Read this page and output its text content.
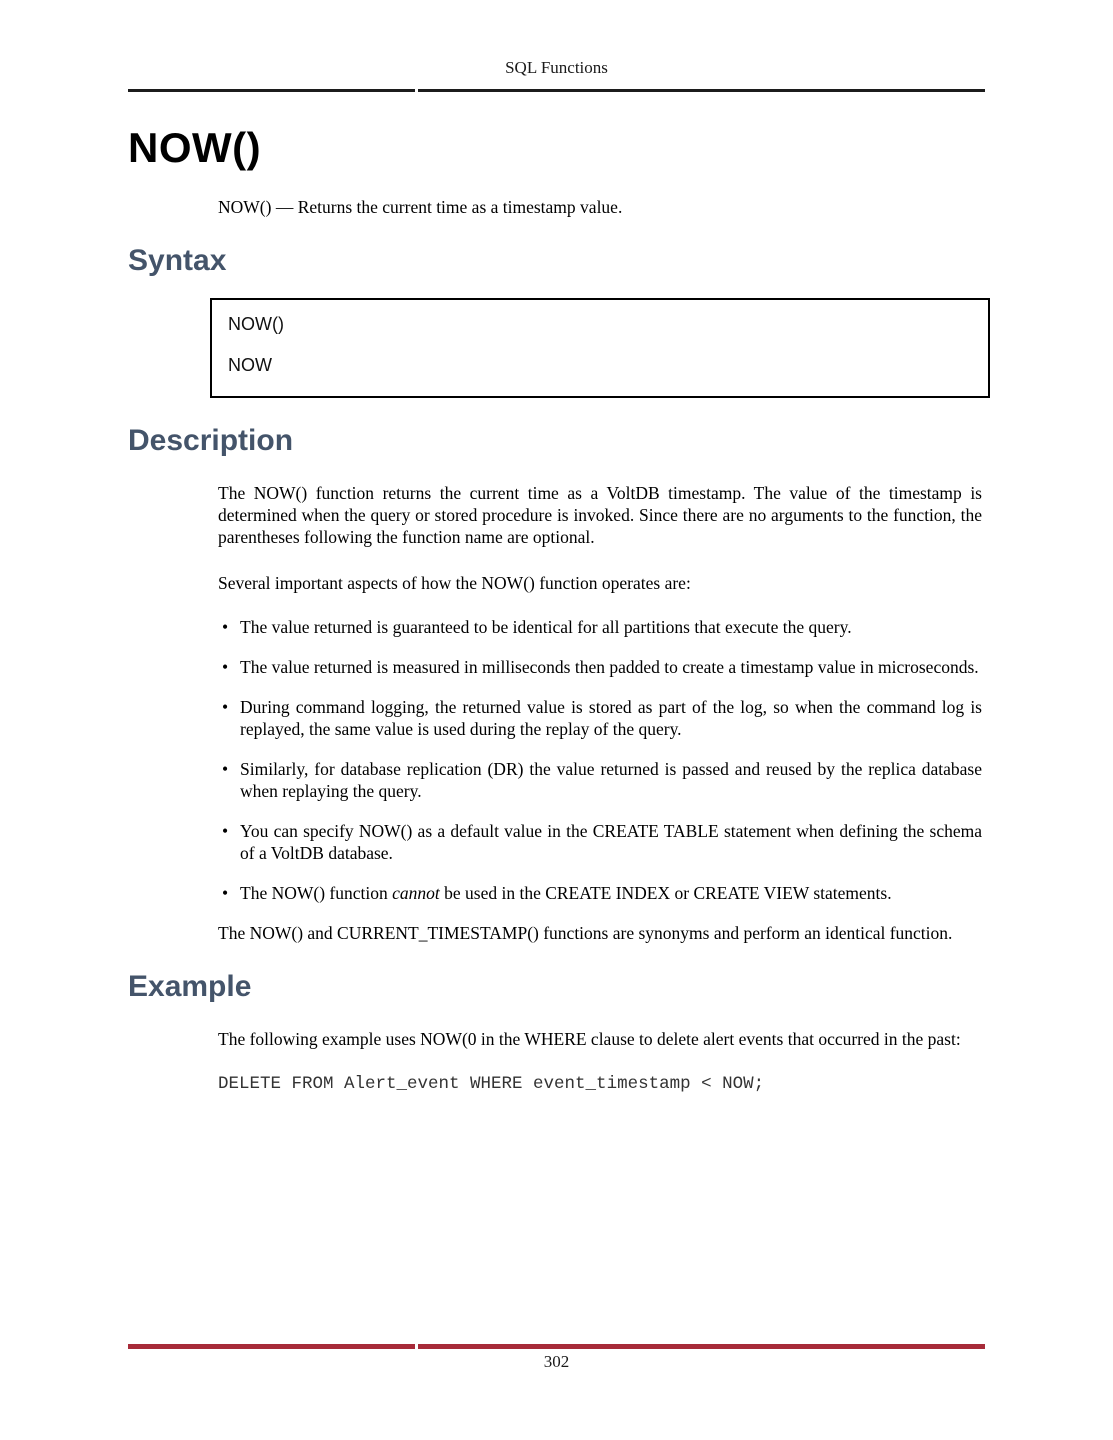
SQL Functions
NOW()

NOW() — Returns the current time as a timestamp value.

Syntax
NOW()
NOW
Description

The NOW() function returns the current time as a VoltDB timestamp. The value of the timestamp is determined when the query or stored procedure is invoked. Since there are no arguments to the function, the parentheses following the function name are optional.

Several important aspects of how the NOW() function operates are:

• The value returned is guaranteed to be identical for all partitions that execute the query.
• The value returned is measured in milliseconds then padded to create a timestamp value in microseconds.
• During command logging, the returned value is stored as part of the log, so when the command log is replayed, the same value is used during the replay of the query.
• Similarly, for database replication (DR) the value returned is passed and reused by the replica database when replaying the query.
• You can specify NOW() as a default value in the CREATE TABLE statement when defining the schema of a VoltDB database.
• The NOW() function cannot be used in the CREATE INDEX or CREATE VIEW statements.

The NOW() and CURRENT_TIMESTAMP() functions are synonyms and perform an identical function.

Example

The following example uses NOW(0 in the WHERE clause to delete alert events that occurred in the past:

DELETE FROM Alert_event WHERE event_timestamp < NOW;
302
